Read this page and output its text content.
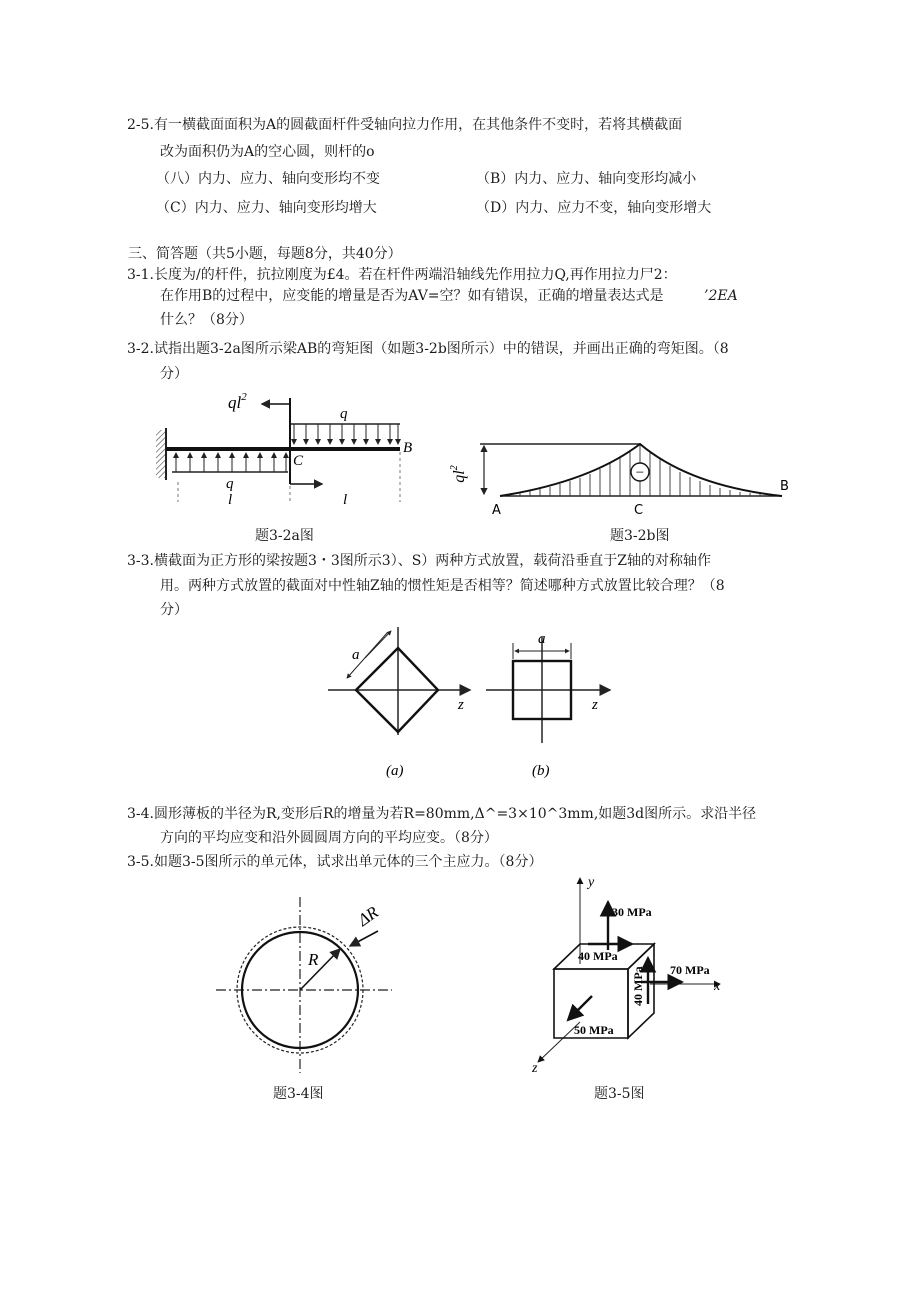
2-5.有一横截面面积为A的圆截面杆件受轴向拉力作用，在其他条件不变时，若将其横截面
改为面积仍为A的空心圆，则杆的o
（八）内力、应力、轴向变形均不变	（B）内力、应力、轴向变形均减小
（C）内力、应力、轴向变形均增大	（D）内力、应力不变，轴向变形增大
三、简答题（共5小题，每题8分，共40分）
3-1.长度为/的杆件，抗拉刚度为£4。若在杆件两端沿轴线先作用拉力Q,再作用拉力尸2：
在作用B的过程中，应变能的增量是否为AV=空？如有错误，正确的增量表达式是	’2EA
什么？（8分）
3-2.试指出题3-2a图所示梁AB的弯矩图（如题3-2b图所示）中的错误，并画出正确的弯矩图。（8
分）
$ql^2$
q
q
C
B
l	l
−
$ql^2$
A	C
B
题3-2a图	题3-2b图
3-3.横截面为正方形的梁按题3・3图所示3）、S）两种方式放置，载荷沿垂直于Z轴的对称轴作
用。两种方式放置的截面对中性轴Z轴的惯性矩是否相等？简述哪种方式放置比较合理？（8
分）
a
z
(a)
a
z
(b)
3-4.圆形薄板的半径为R,变形后R的增量为若R=80mm,Δ^=3×10^3mm,如题3d图所示。求沿半径
方向的平均应变和沿外圆圆周方向的平均应变。（8分）
3-5.如题3-5图所示的单元体，试求出单元体的三个主应力。（8分）
R
ΔR
y
x
z
30 MPa
40 MPa
70 MPa
40 MPa
50 MPa
题3-4图	题3-5图
